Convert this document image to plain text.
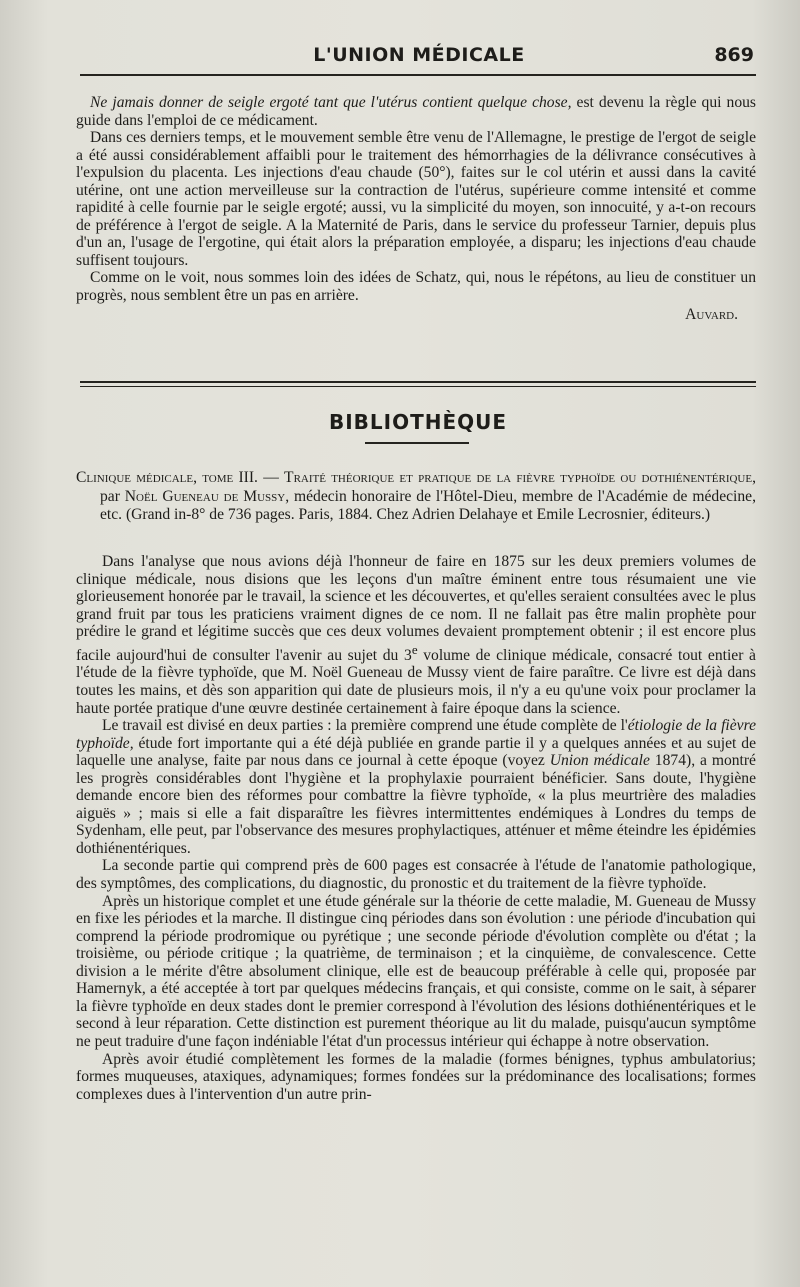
L'UNION MÉDICALE	869

Ne jamais donner de seigle ergoté tant que l'utérus contient quelque chose, est devenu la règle qui nous guide dans l'emploi de ce médicament.

Dans ces derniers temps, et le mouvement semble être venu de l'Allemagne, le prestige de l'ergot de seigle a été aussi considérablement affaibli pour le traitement des hémorrhagies de la délivrance consécutives à l'expulsion du placenta. Les injections d'eau chaude (50°), faites sur le col utérin et aussi dans la cavité utérine, ont une action merveilleuse sur la contraction de l'utérus, supérieure comme intensité et comme rapidité à celle fournie par le seigle ergoté; aussi, vu la simplicité du moyen, son innocuité, y a-t-on recours de préférence à l'ergot de seigle. A la Maternité de Paris, dans le service du professeur Tarnier, depuis plus d'un an, l'usage de l'ergotine, qui était alors la préparation employée, a disparu; les injections d'eau chaude suffisent toujours.

Comme on le voit, nous sommes loin des idées de Schatz, qui, nous le répétons, au lieu de constituer un progrès, nous semblent être un pas en arrière.

Auvard.
BIBLIOTHÈQUE

Clinique médicale, tome III. — Traité théorique et pratique de la fièvre typhoïde ou dothiénentérique, par Noël Gueneau de Mussy, médecin honoraire de l'Hôtel-Dieu, membre de l'Académie de médecine, etc. (Grand in-8° de 736 pages. Paris, 1884. Chez Adrien Delahaye et Emile Lecrosnier, éditeurs.)

Dans l'analyse que nous avions déjà l'honneur de faire en 1875 sur les deux premiers volumes de clinique médicale, nous disions que les leçons d'un maître éminent entre tous résumaient une vie glorieusement honorée par le travail, la science et les découvertes, et qu'elles seraient consultées avec le plus grand fruit par tous les praticiens vraiment dignes de ce nom. Il ne fallait pas être malin prophète pour prédire le grand et légitime succès que ces deux volumes devaient promptement obtenir ; il est encore plus facile aujourd'hui de consulter l'avenir au sujet du 3e volume de clinique médicale, consacré tout entier à l'étude de la fièvre typhoïde, que M. Noël Gueneau de Mussy vient de faire paraître. Ce livre est déjà dans toutes les mains, et dès son apparition qui date de plusieurs mois, il n'y a eu qu'une voix pour proclamer la haute portée pratique d'une œuvre destinée certainement à faire époque dans la science.

Le travail est divisé en deux parties : la première comprend une étude complète de l'étiologie de la fièvre typhoïde, étude fort importante qui a été déjà publiée en grande partie il y a quelques années et au sujet de laquelle une analyse, faite par nous dans ce journal à cette époque (voyez Union médicale 1874), a montré les progrès considérables dont l'hygiène et la prophylaxie pourraient bénéficier. Sans doute, l'hygiène demande encore bien des réformes pour combattre la fièvre typhoïde, « la plus meurtrière des maladies aiguës » ; mais si elle a fait disparaître les fièvres intermittentes endémiques à Londres du temps de Sydenham, elle peut, par l'observance des mesures prophylactiques, atténuer et même éteindre les épidémies dothiénentériques.

La seconde partie qui comprend près de 600 pages est consacrée à l'étude de l'anatomie pathologique, des symptômes, des complications, du diagnostic, du pronostic et du traitement de la fièvre typhoïde.

Après un historique complet et une étude générale sur la théorie de cette maladie, M. Gueneau de Mussy en fixe les périodes et la marche. Il distingue cinq périodes dans son évolution : une période d'incubation qui comprend la période prodromique ou pyrétique ; une seconde période d'évolution complète ou d'état ; la troisième, ou période critique ; la quatrième, de terminaison ; et la cinquième, de convalescence. Cette division a le mérite d'être absolument clinique, elle est de beaucoup préférable à celle qui, proposée par Hamernyk, a été acceptée à tort par quelques médecins français, et qui consiste, comme on le sait, à séparer la fièvre typhoïde en deux stades dont le premier correspond à l'évolution des lésions dothiénentériques et le second à leur réparation. Cette distinction est purement théorique au lit du malade, puisqu'aucun symptôme ne peut traduire d'une façon indéniable l'état d'un processus intérieur qui échappe à notre observation.

Après avoir étudié complètement les formes de la maladie (formes bénignes, typhus ambulatorius; formes muqueuses, ataxiques, adynamiques; formes fondées sur la prédominance des localisations; formes complexes dues à l'intervention d'un autre prin-
